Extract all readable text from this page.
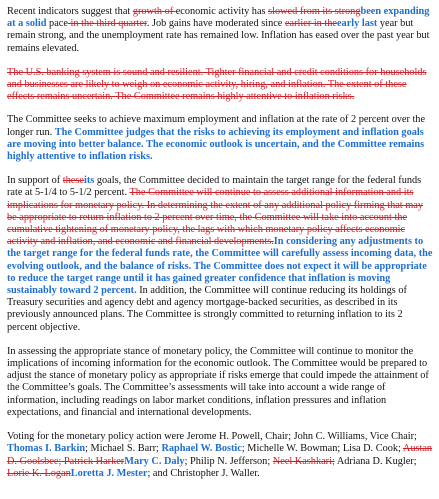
Recent indicators suggest that growth of economic activity has slowed from its strongbeen expanding at a solid pace in the third quarter. Job gains have moderated since earlier in theearly last year but remain strong, and the unemployment rate has remained low. Inflation has eased over the past year but remains elevated.

The U.S. banking system is sound and resilient. Tighter financial and credit conditions for households and businesses are likely to weigh on economic activity, hiring, and inflation. The extent of these effects remains uncertain. The Committee remains highly attentive to inflation risks.

The Committee seeks to achieve maximum employment and inflation at the rate of 2 percent over the longer run. The Committee judges that the risks to achieving its employment and inflation goals are moving into better balance. The economic outlook is uncertain, and the Committee remains highly attentive to inflation risks.

In support of theseits goals, the Committee decided to maintain the target range for the federal funds rate at 5-1/4 to 5-1/2 percent. The Committee will continue to assess additional information and its implications for monetary policy. In determining the extent of any additional policy firming that may be appropriate to return inflation to 2 percent over time, the Committee will take into account the cumulative tightening of monetary policy, the lags with which monetary policy affects economic activity and inflation, and economic and financial developments.In considering any adjustments to the target range for the federal funds rate, the Committee will carefully assess incoming data, the evolving outlook, and the balance of risks. The Committee does not expect it will be appropriate to reduce the target range until it has gained greater confidence that inflation is moving sustainably toward 2 percent. In addition, the Committee will continue reducing its holdings of Treasury securities and agency debt and agency mortgage-backed securities, as described in its previously announced plans. The Committee is strongly committed to returning inflation to its 2 percent objective.

In assessing the appropriate stance of monetary policy, the Committee will continue to monitor the implications of incoming information for the economic outlook. The Committee would be prepared to adjust the stance of monetary policy as appropriate if risks emerge that could impede the attainment of the Committee’s goals. The Committee’s assessments will take into account a wide range of information, including readings on labor market conditions, inflation pressures and inflation expectations, and financial and international developments.

Voting for the monetary policy action were Jerome H. Powell, Chair; John C. Williams, Vice Chair; Thomas I. Barkin; Michael S. Barr; Raphael W. Bostic; Michelle W. Bowman; Lisa D. Cook; Austan D. Goolsbee; Patrick HarkerMary C. Daly; Philip N. Jefferson; Neel Kashkari; Adriana D. Kugler; Lorie K. LoganLoretta J. Mester; and Christopher J. Waller.
